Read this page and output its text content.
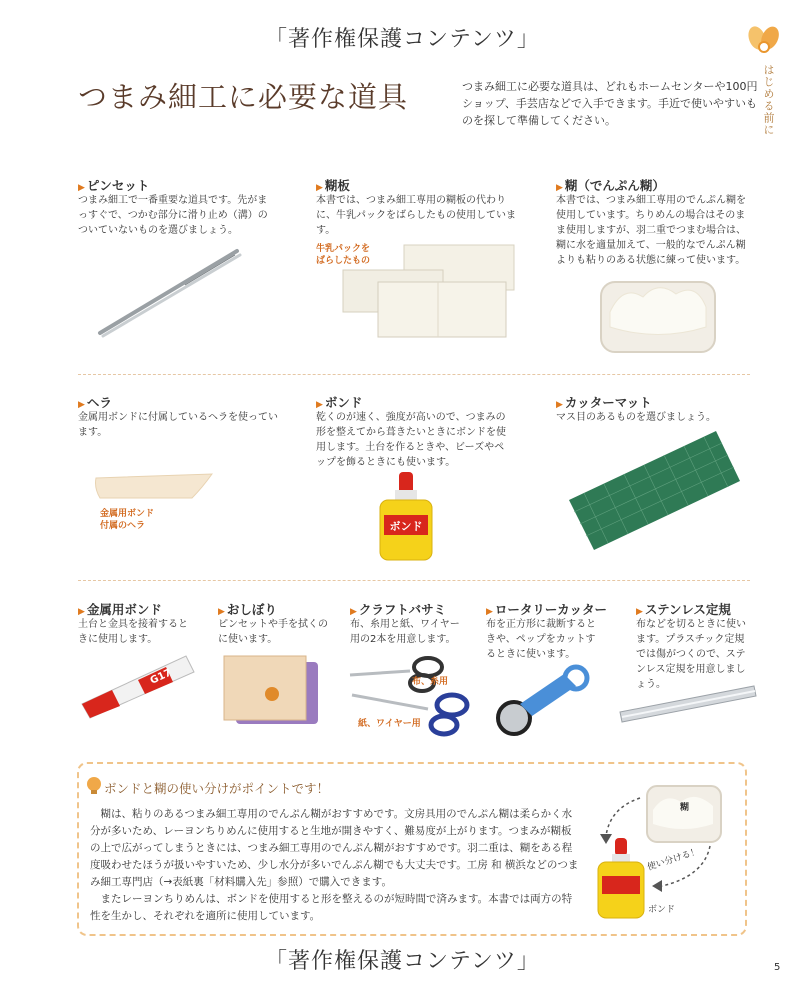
「著作権保護コンテンツ」
はじめる前に
つまみ細工に必要な道具	つまみ細工に必要な道具は、どれもホームセンターや100円ショップ、手芸店などで入手できます。手近で使いやすいものを探して準備してください。
▶ ピンセット
つまみ細工で一番重要な道具です。先がまっすぐで、つかむ部分に滑り止め（溝）のついていないものを選びましょう。
▶ 糊板
本書では、つまみ細工専用の糊板の代わりに、牛乳パックをばらしたもの使用しています。
牛乳パックを
ばらしたもの
▶ 糊（でんぷん糊）
本書では、つまみ細工専用のでんぷん糊を使用しています。ちりめんの場合はそのまま使用しますが、羽二重でつまむ場合は、糊に水を適量加えて、一般的なでんぷん糊よりも粘りのある状態に練って使います。
▶ ヘラ
金属用ボンドに付属しているヘラを使っています。
金属用ボンド
付属のヘラ
▶ ボンド
乾くのが速く、強度が高いので、つまみの形を整えてから葺きたいときにボンドを使用します。土台を作るときや、ビーズやペップを飾るときにも使います。
ボンド
▶ カッターマット
マス目のあるものを選びましょう。
▶ 金属用ボンド
土台と金具を接着するときに使用します。
G17
▶ おしぼり
ピンセットや手を拭くのに使います。
▶ クラフトバサミ
布、糸用と紙、ワイヤー用の2本を用意します。
布、糸用
紙、ワイヤー用
▶ ロータリーカッター
布を正方形に裁断するときや、ペップをカットするときに使います。
▶ ステンレス定規
布などを切るときに使います。プラスチック定規では傷がつくので、ステンレス定規を用意しましょう。
ボンドと糊の使い分けがポイントです！

糊は、粘りのあるつまみ細工専用のでんぷん糊がおすすめです。文房具用のでんぷん糊は柔らかく水分が多いため、レーヨンちりめんに使用すると生地が開きやすく、難易度が上がります。つまみが糊板の上で広がってしまうときには、つまみ細工専用のでんぷん糊がおすすめです。羽二重は、糊をある程度吸わせたほうが扱いやすいため、少し水分が多いでんぷん糊でも大丈夫です。工房 和 横浜などのつまみ細工専門店（→表紙裏「材料購入先」参照）で購入できます。

またレーヨンちりめんは、ボンドを使用すると形を整えるのが短時間で済みます。本書では両方の特性を生かし、それぞれを適所に使用しています。

糊
使い分ける！
ボンド
「著作権保護コンテンツ」	5
